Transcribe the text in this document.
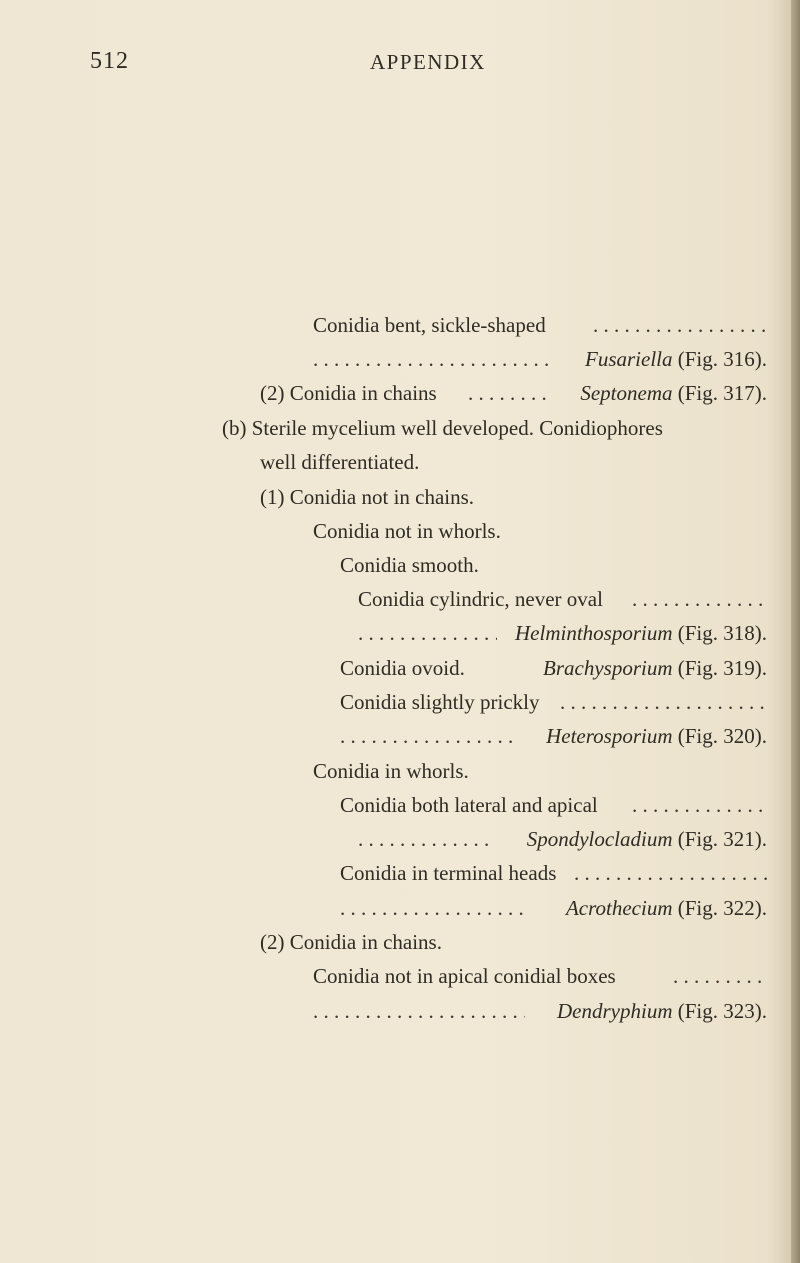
512	APPENDIX
Conidia bent, sickle-shaped
. . .
. . .
Fusariella (Fig. 316).
(2) Conidia in chains
. . .	Septonema (Fig. 317).
(b) Sterile mycelium well developed. Conidiophores
well differentiated.
(1) Conidia not in chains.
Conidia not in whorls.
Conidia smooth.
Conidia cylindric, never oval
. . .
. . .
Helminthosporium (Fig. 318).
Conidia ovoid.	Brachysporium (Fig. 319).
Conidia slightly prickly
. . .
. . .
Heterosporium (Fig. 320).
Conidia in whorls.
Conidia both lateral and apical
. . .
. . .
Spondylocladium (Fig. 321).
Conidia in terminal heads
. . .
. . .
Acrothecium (Fig. 322).
(2) Conidia in chains.
Conidia not in apical conidial boxes
. . .
. . .
Dendryphium (Fig. 323).
